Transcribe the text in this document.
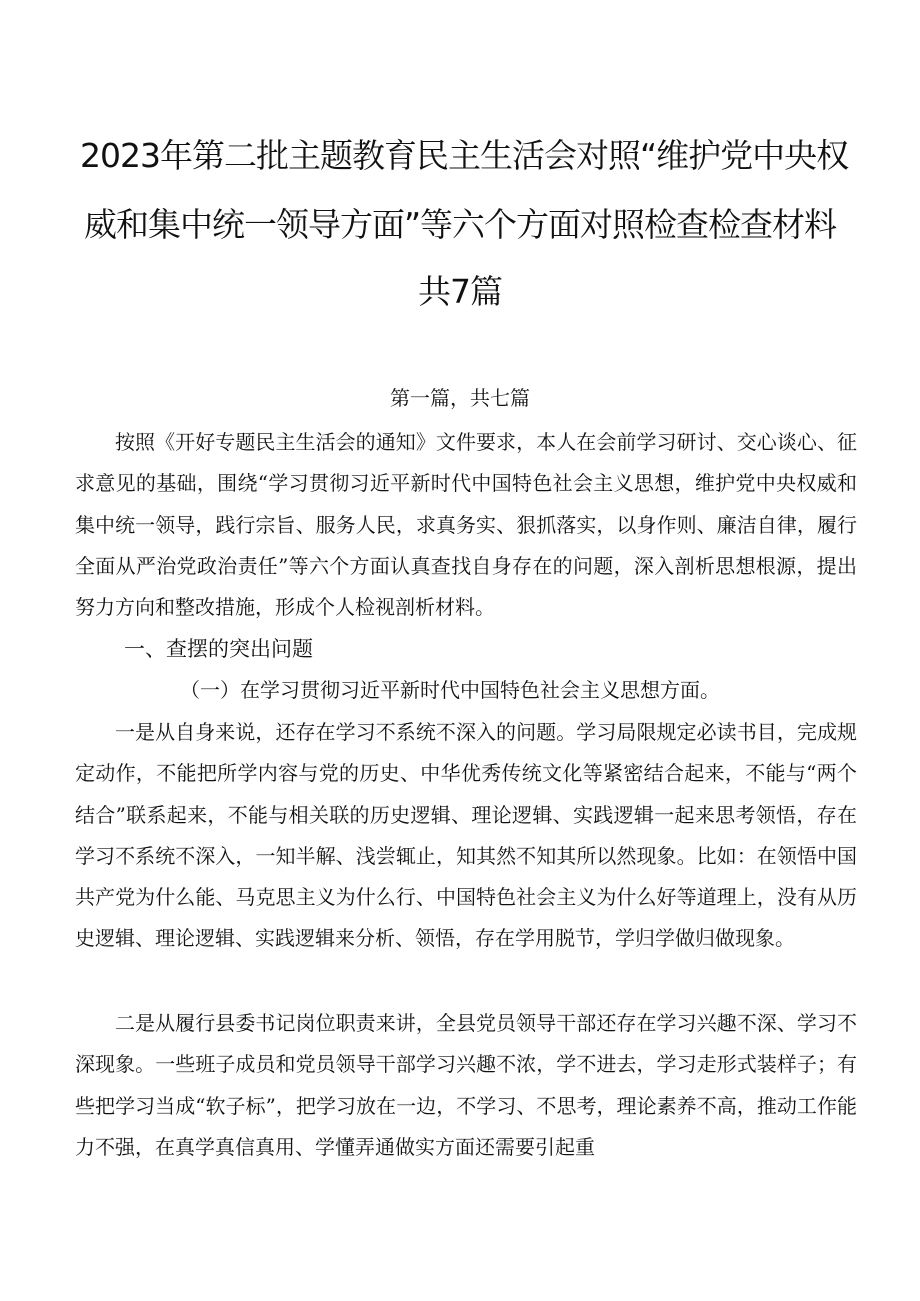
2023年第二批主题教育民主生活会对照“维护党中央权
威和集中统一领导方面”等六个方面对照检查检查材料
共7篇
第一篇，共七篇
按照《开好专题民主生活会的通知》文件要求，本人在会前学习研讨、交心谈心、征求意见的基础，围绕“学习贯彻习近平新时代中国特色社会主义思想，维护党中央权威和集中统一领导，践行宗旨、服务人民，求真务实、狠抓落实，以身作则、廉洁自律，履行全面从严治党政治责任”等六个方面认真查找自身存在的问题，深入剖析思想根源，提出努力方向和整改措施，形成个人检视剖析材料。
一、查摆的突出问题
（一）在学习贯彻习近平新时代中国特色社会主义思想方面。
一是从自身来说，还存在学习不系统不深入的问题。学习局限规定必读书目，完成规定动作，不能把所学内容与党的历史、中华优秀传统文化等紧密结合起来，不能与“两个结合”联系起来，不能与相关联的历史逻辑、理论逻辑、实践逻辑一起来思考领悟，存在学习不系统不深入，一知半解、浅尝辄止，知其然不知其所以然现象。比如：在领悟中国共产党为什么能、马克思主义为什么行、中国特色社会主义为什么好等道理上，没有从历史逻辑、理论逻辑、实践逻辑来分析、领悟，存在学用脱节，学归学做归做现象。
二是从履行县委书记岗位职责来讲，全县党员领导干部还存在学习兴趣不深、学习不深现象。一些班子成员和党员领导干部学习兴趣不浓，学不进去，学习走形式装样子；有些把学习当成“软子标”，把学习放在一边，不学习、不思考，理论素养不高，推动工作能力不强，在真学真信真用、学懂弄通做实方面还需要引起重
